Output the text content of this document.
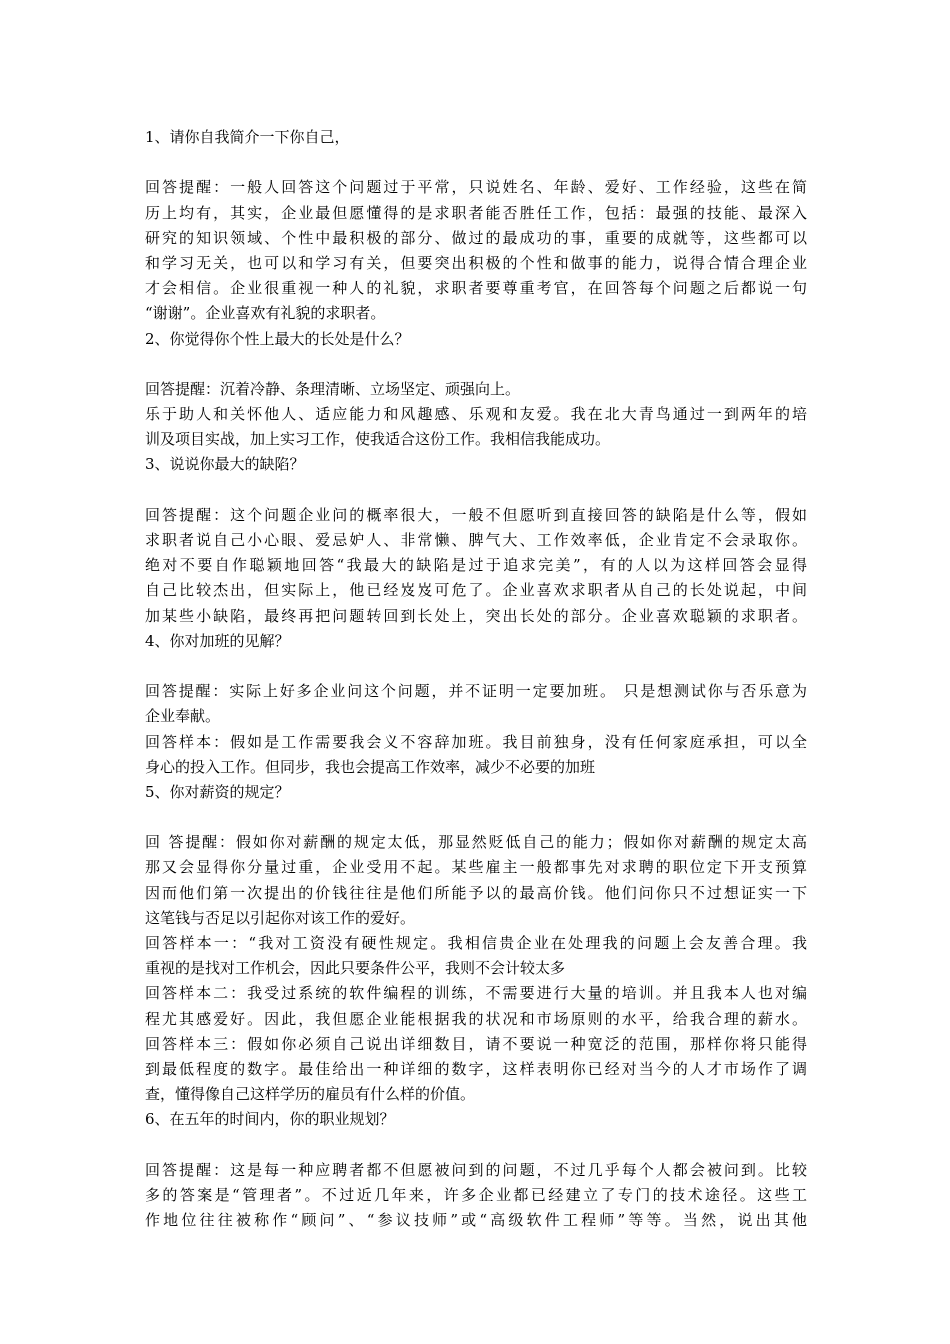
1、请你自我简介一下你自己，
回答提醒：一般人回答这个问题过于平常，只说姓名、年龄、爱好、工作经验，这些在简
历上均有，其实，企业最但愿懂得的是求职者能否胜任工作，包括：最强的技能、最深入
研究的知识领域、个性中最积极的部分、做过的最成功的事，重要的成就等，这些都可以
和学习无关，也可以和学习有关，但要突出积极的个性和做事的能力，说得合情合理企业
才会相信。企业很重视一种人的礼貌，求职者要尊重考官，在回答每个问题之后都说一句
“谢谢”。企业喜欢有礼貌的求职者。
2、你觉得你个性上最大的长处是什么？
回答提醒：沉着冷静、条理清晰、立场坚定、顽强向上。
乐于助人和关怀他人、适应能力和风趣感、乐观和友爱。我在北大青鸟通过一到两年的培
训及项目实战，加上实习工作，使我适合这份工作。我相信我能成功。
3、说说你最大的缺陷？
回答提醒：这个问题企业问的概率很大，一般不但愿听到直接回答的缺陷是什么等，假如
求职者说自己小心眼、爱忌妒人、非常懒、脾气大、工作效率低，企业肯定不会录取你。
绝对不要自作聪颖地回答“我最大的缺陷是过于追求完美”，有的人以为这样回答会显得
自己比较杰出，但实际上，他已经岌岌可危了。企业喜欢求职者从自己的长处说起，中间
加某些小缺陷，最终再把问题转回到长处上，突出长处的部分。企业喜欢聪颖的求职者。
4、你对加班的见解？
回答提醒：实际上好多企业问这个问题，并不证明一定要加班。 只是想测试你与否乐意为
企业奉献。
回答样本：假如是工作需要我会义不容辞加班。我目前独身，没有任何家庭承担，可以全
身心的投入工作。但同步，我也会提高工作效率，减少不必要的加班
5、你对薪资的规定？
回 答提醒：假如你对薪酬的规定太低，那显然贬低自己的能力；假如你对薪酬的规定太高
那又会显得你分量过重，企业受用不起。某些雇主一般都事先对求聘的职位定下开支预算
因而他们第一次提出的价钱往往是他们所能予以的最高价钱。他们问你只不过想证实一下
这笔钱与否足以引起你对该工作的爱好。
回答样本一：“我对工资没有硬性规定。我相信贵企业在处理我的问题上会友善合理。我
重视的是找对工作机会，因此只要条件公平，我则不会计较太多
回答样本二：我受过系统的软件编程的训练，不需要进行大量的培训。并且我本人也对编
程尤其感爱好。因此，我但愿企业能根据我的状况和市场原则的水平，给我合理的薪水。
回答样本三：假如你必须自己说出详细数目，请不要说一种宽泛的范围，那样你将只能得
到最低程度的数字。最佳给出一种详细的数字，这样表明你已经对当今的人才市场作了调
查，懂得像自己这样学历的雇员有什么样的价值。
6、在五年的时间内，你的职业规划？
回答提醒：这是每一种应聘者都不但愿被问到的问题，不过几乎每个人都会被问到。比较
多的答案是“管理者”。不过近几年来，许多企业都已经建立了专门的技术途径。这些工
作地位往往被称作“顾问”、“参议技师”或“高级软件工程师”等等。当然，说出其他
